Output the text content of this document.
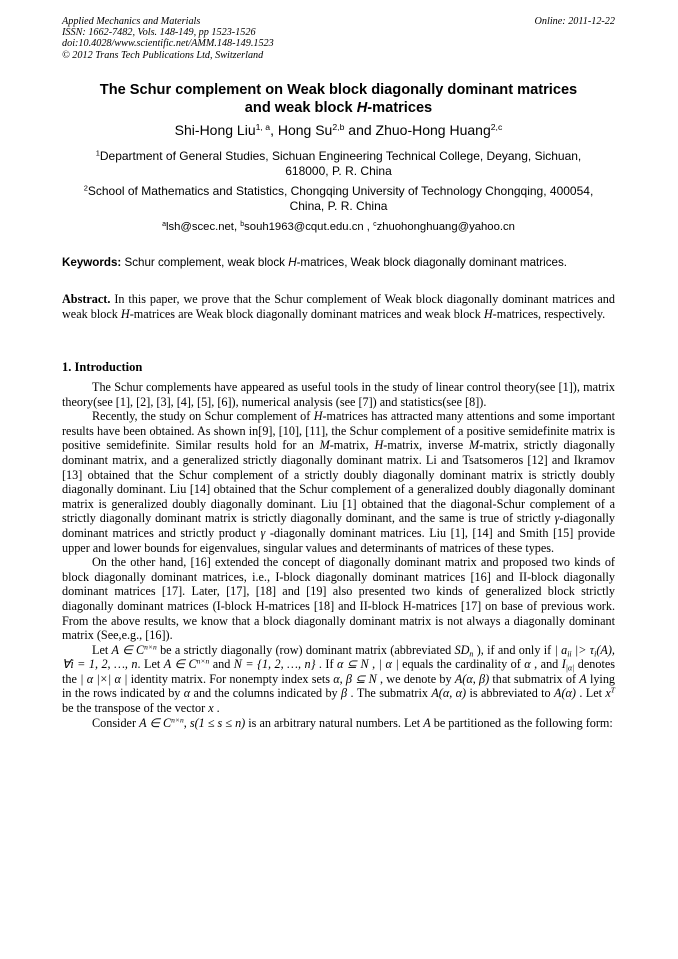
Applied Mechanics and Materials
ISSN: 1662-7482, Vols. 148-149, pp 1523-1526
doi:10.4028/www.scientific.net/AMM.148-149.1523
© 2012 Trans Tech Publications Ltd, Switzerland
Online: 2011-12-22
The Schur complement on Weak block diagonally dominant matrices
and weak block H-matrices
Shi-Hong Liu$^{1, a}$, Hong Su$^{2,b}$ and Zhuo-Hong Huang$^{2,c}$
$^1$Department of General Studies, Sichuan Engineering Technical College, Deyang, Sichuan,
618000, P. R. China
$^2$School of Mathematics and Statistics, Chongqing University of Technology Chongqing, 400054,
China, P. R. China
$^a$lsh@scec.net, $^b$souh1963@cqut.edu.cn , $^c$zhuohonghuang@yahoo.cn
Keywords: Schur complement, weak block H-matrices, Weak block diagonally dominant matrices.
Abstract. In this paper, we prove that the Schur complement of Weak block diagonally dominant matrices and weak block H-matrices are Weak block diagonally dominant matrices and weak block H-matrices, respectively.
1. Introduction

The Schur complements have appeared as useful tools in the study of linear control theory(see [1]), matrix theory(see [1], [2], [3], [4], [5], [6]), numerical analysis (see [7]) and statistics(see [8]).

Recently, the study on Schur complement of H-matrices has attracted many attentions and some important results have been obtained. As shown in[9], [10], [11], the Schur complement of a positive semidefinite matrix is positive semidefinite. Similar results hold for an M-matrix, H-matrix, inverse M-matrix, strictly diagonally dominant matrix, and a generalized strictly diagonally dominant matrix. Li and Tsatsomeros [12] and Ikramov [13] obtained that the Schur complement of a strictly doubly diagonally dominant matrix is strictly doubly diagonally dominant. Liu [14] obtained that the Schur complement of a generalized doubly diagonally dominant matrix is generalized doubly diagonally dominant. Liu [1] obtained that the diagonal-Schur complement of a strictly diagonally dominant matrix is strictly diagonally dominant, and the same is true of strictly γ-diagonally dominant matrices and strictly product γ -diagonally dominant matrices. Liu [1], [14] and Smith [15] provide upper and lower bounds for eigenvalues, singular values and determinants of matrices of these types.

On the other hand, [16] extended the concept of diagonally dominant matrix and proposed two kinds of block diagonally dominant matrices, i.e., I-block diagonally dominant matrices [16] and II-block diagonally dominant matrices [17]. Later, [17], [18] and [19] also presented two kinds of generalized block strictly diagonally dominant matrices (I-block H-matrices [18] and II-block H-matrices [17] on base of previous work. From the above results, we know that a block diagonally dominant matrix is not always a diagonally dominant matrix (See,e.g., [16]).

Let A ∈ $C^{n\times n}$ be a strictly diagonally (row) dominant matrix (abbreviated $SD_n$ ), if and only if | $a_{ii}$ |> $\tau_i(A)$, ∀i = 1, 2, …, n. Let A ∈ $C^{n\times n}$ and N = {1, 2, …, n} . If α ⊆ N , | α | equals the cardinality of α , and $I_{|\alpha|}$ denotes the | α |×| α | identity matrix. For nonempty index sets α, β ⊆ N , we denote by A(α, β) that submatrix of A lying in the rows indicated by α and the columns indicated by β . The submatrix A(α, α) is abbreviated to A(α) . Let $x^T$ be the transpose of the vector x .

Consider A ∈ $C^{n\times n}$, s(1 ≤ s ≤ n) is an arbitrary natural numbers. Let A be partitioned as the following form:
